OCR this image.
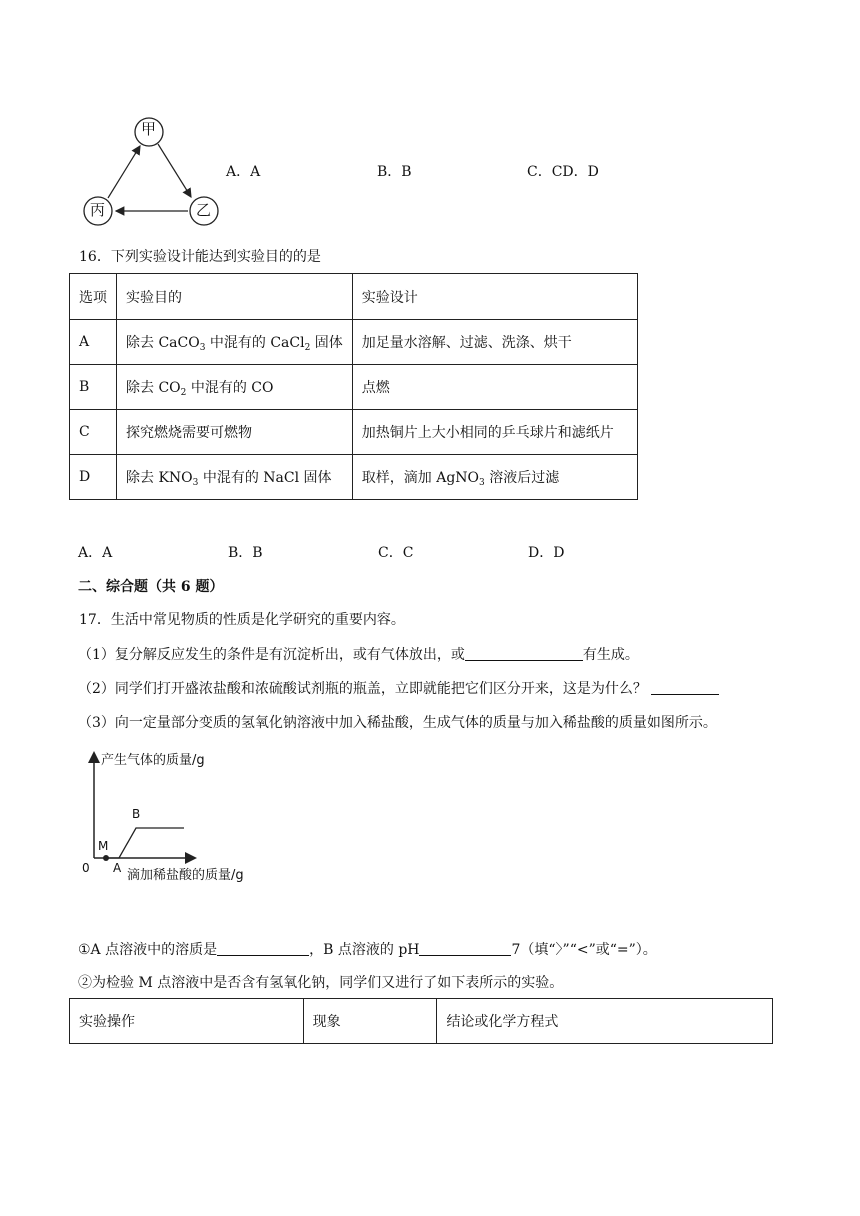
甲
乙
丙
A．A	B．B	C．CD．D
16．下列实验设计能达到实验目的的是
选项	实验目的	实验设计
A	除去 CaCO$_3$ 中混有的 CaCl$_2$ 固体	加足量水溶解、过滤、洗涤、烘干
B	除去 $CO_2$ 中混有的 CO	点燃
C	探究燃烧需要可燃物	加热铜片上大小相同的乒乓球片和滤纸片
D	除去 $KNO_3$ 中混有的 NaCl 固体	取样，滴加 AgNO$_3$ 溶液后过滤
A．A	B．B	C．C	D．D
二、综合题（共 6 题）
17．生活中常见物质的性质是化学研究的重要内容。
（1）复分解反应发生的条件是有沉淀析出，或有气体放出，或	有生成。
（2）同学们打开盛浓盐酸和浓硫酸试剂瓶的瓶盖，立即就能把它们区分开来，这是为什么？
（3）向一定量部分变质的氢氧化钠溶液中加入稀盐酸，生成气体的质量与加入稀盐酸的质量如图所示。
产生气体的质量/g
滴加稀盐酸的质量/g
0
M
A
B
①A 点溶液中的溶质是	，B 点溶液的 pH	7（填“〉”“<”或“=”）。
②为检验 M 点溶液中是否含有氢氧化钠，同学们又进行了如下表所示的实验。
实验操作	现象	结论或化学方程式
